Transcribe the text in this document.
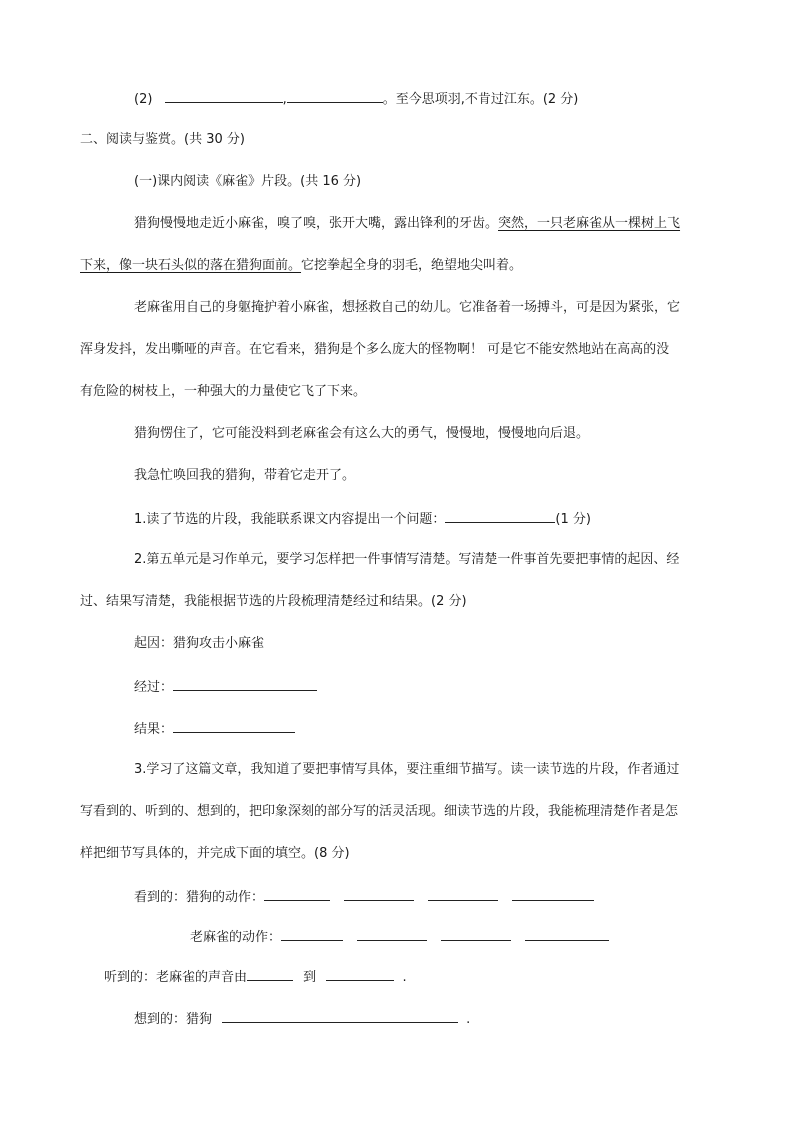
(2)	,	。至今思项羽,不肯过江东。(2 分)
二、阅读与鉴赏。(共 30 分)
(一)课内阅读《麻雀》片段。(共 16 分)
猎狗慢慢地走近小麻雀，嗅了嗅，张开大嘴，露出锋利的牙齿。突然，一只老麻雀从一棵树上飞
下来，像一块石头似的落在猎狗面前。它挖拳起全身的羽毛，绝望地尖叫着。
老麻雀用自己的身躯掩护着小麻雀，想拯救自己的幼儿。它准备着一场搏斗，可是因为紧张，它
浑身发抖，发出嘶哑的声音。在它看来，猎狗是个多么庞大的怪物啊！ 可是它不能安然地站在高高的没
有危险的树枝上，一种强大的力量使它飞了下来。
猎狗愣住了，它可能没料到老麻雀会有这么大的勇气，慢慢地，慢慢地向后退。
我急忙唤回我的猎狗，带着它走开了。
1.读了节选的片段，我能联系课文内容提出一个问题：	(1 分)
2.第五单元是习作单元，要学习怎样把一件事情写清楚。写清楚一件事首先要把事情的起因、经
过、结果写清楚，我能根据节选的片段梳理清楚经过和结果。(2 分)
起因：猎狗攻击小麻雀
经过：
结果：
3.学习了这篇文章，我知道了要把事情写具体，要注重细节描写。读一读节选的片段，作者通过
写看到的、听到的、想到的，把印象深刻的部分写的活灵活现。细读节选的片段，我能梳理清楚作者是怎
样把细节写具体的，并完成下面的填空。(8 分)
看到的：猎狗的动作：
老麻雀的动作：
听到的：老麻雀的声音由	到	.
想到的：猎狗	.
